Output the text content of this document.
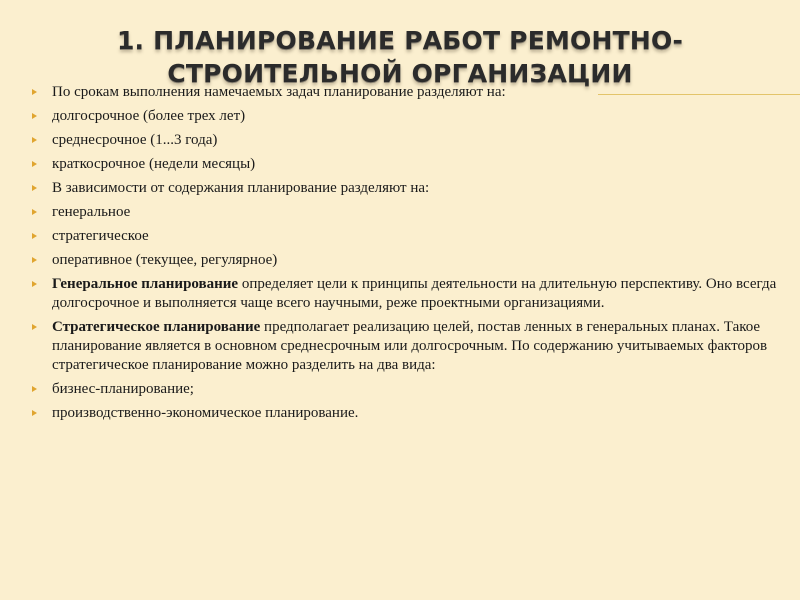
1. ПЛАНИРОВАНИЕ РАБОТ РЕМОНТНО-
СТРОИТЕЛЬНОЙ ОРГАНИЗАЦИИ
По срокам выполнения намечаемых задач планирование разделяют на:
долгосрочное (более трех лет)
среднесрочное (1...3 года)
краткосрочное (недели месяцы)
В зависимости от содержания планирование разделяют на:
генеральное
стратегическое
оперативное (текущее, регулярное)
Генеральное планирование определяет цели к принципы деятельности на длительную перспективу. Оно всегда долгосрочное и выполняется чаще всего научными, реже проектными организациями.
Стратегическое планирование предполагает реализацию целей, постав ленных в генеральных планах. Такое планирование является в основном среднесрочным или долгосрочным. По содержанию учитываемых факторов стратегическое планирование можно разделить на два вида:
бизнес-планирование;
производственно-экономическое планирование.
